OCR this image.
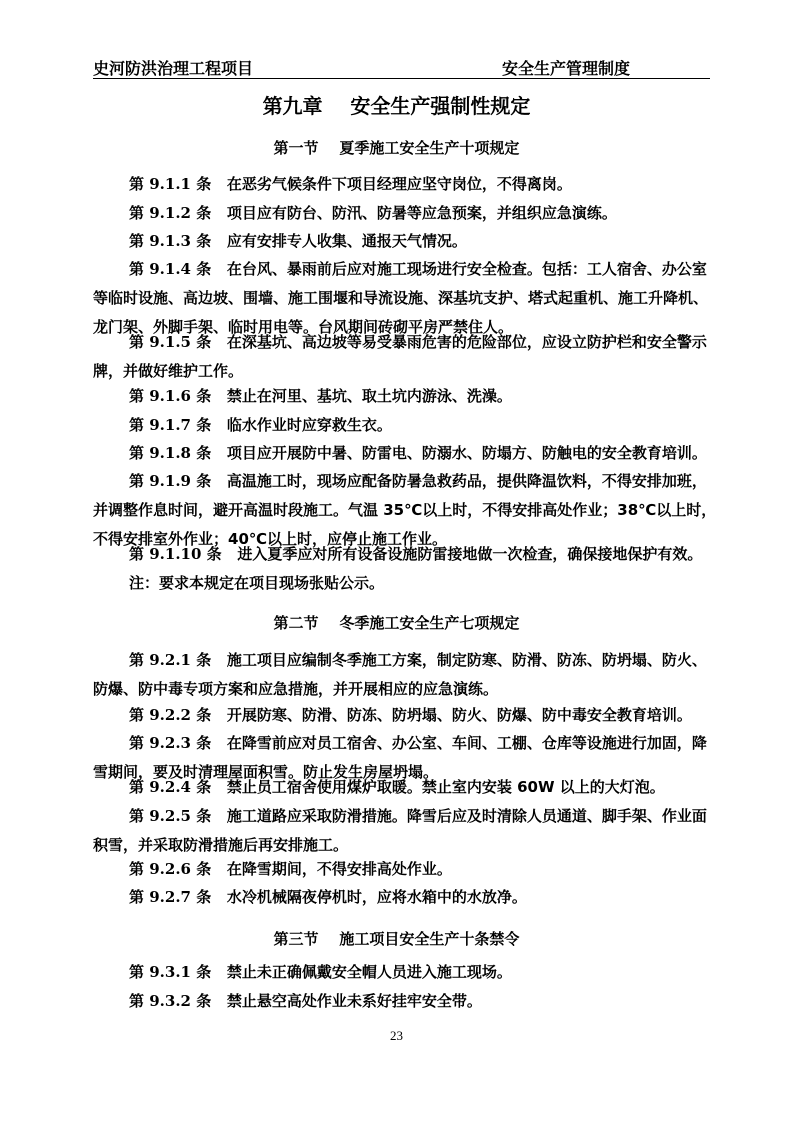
史河防洪治理工程项目	安全生产管理制度
第九章    安全生产强制性规定
第一节    夏季施工安全生产十项规定
第 9.1.1 条 在恶劣气候条件下项目经理应坚守岗位，不得离岗。
第 9.1.2 条 项目应有防台、防汛、防暑等应急预案，并组织应急演练。
第 9.1.3 条 应有安排专人收集、通报天气情况。
第 9.1.4 条 在台风、暴雨前后应对施工现场进行安全检查。包括：工人宿舍、办公室等临时设施、高边坡、围墙、施工围堰和导流设施、深基坑支护、塔式起重机、施工升降机、龙门架、外脚手架、临时用电等。台风期间砖砌平房严禁住人。
第 9.1.5 条 在深基坑、高边坡等易受暴雨危害的危险部位，应设立防护栏和安全警示牌，并做好维护工作。
第 9.1.6 条 禁止在河里、基坑、取土坑内游泳、洗澡。
第 9.1.7 条 临水作业时应穿救生衣。
第 9.1.8 条 项目应开展防中暑、防雷电、防溺水、防塌方、防触电的安全教育培训。
第 9.1.9 条 高温施工时，现场应配备防暑急救药品，提供降温饮料，不得安排加班，并调整作息时间，避开高温时段施工。气温 35℃以上时，不得安排高处作业；38℃以上时，不得安排室外作业；40℃以上时，应停止施工作业。
第 9.1.10 条 进入夏季应对所有设备设施防雷接地做一次检查，确保接地保护有效。
注：要求本规定在项目现场张贴公示。
第二节    冬季施工安全生产七项规定
第 9.2.1 条 施工项目应编制冬季施工方案，制定防寒、防滑、防冻、防坍塌、防火、防爆、防中毒专项方案和应急措施，并开展相应的应急演练。
第 9.2.2 条 开展防寒、防滑、防冻、防坍塌、防火、防爆、防中毒安全教育培训。
第 9.2.3 条 在降雪前应对员工宿舍、办公室、车间、工棚、仓库等设施进行加固，降雪期间，要及时清理屋面积雪。防止发生房屋坍塌。
第 9.2.4 条 禁止员工宿舍使用煤炉取暖。禁止室内安装 60W 以上的大灯泡。
第 9.2.5 条 施工道路应采取防滑措施。降雪后应及时清除人员通道、脚手架、作业面积雪，并采取防滑措施后再安排施工。
第 9.2.6 条 在降雪期间，不得安排高处作业。
第 9.2.7 条 水冷机械隔夜停机时，应将水箱中的水放净。
第三节    施工项目安全生产十条禁令
第 9.3.1 条 禁止未正确佩戴安全帽人员进入施工现场。
第 9.3.2 条 禁止悬空高处作业未系好挂牢安全带。
23
